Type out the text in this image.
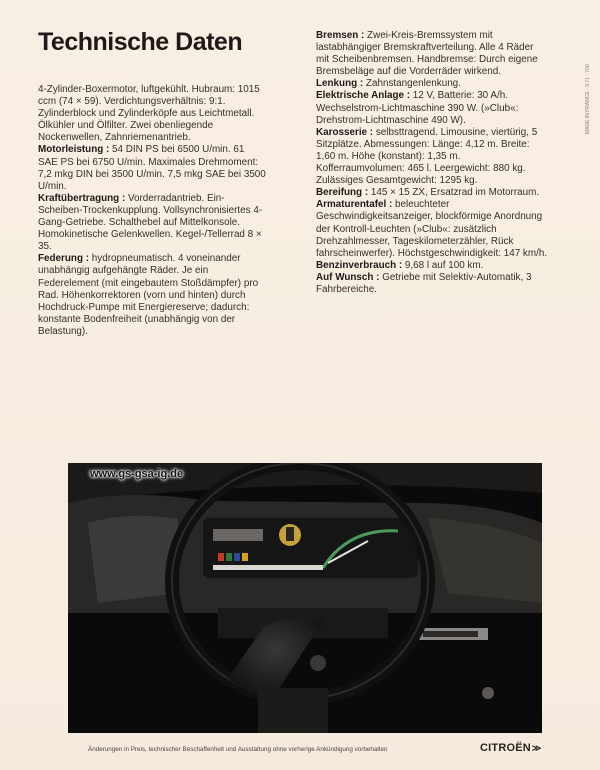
Technische Daten

4-Zylinder-Boxermotor, luftgekühlt. Hubraum: 1015 ccm (74 × 59). Verdichtungsverhältnis: 9:1. Zylinderblock und Zylinderköpfe aus Leichtmetall. Ölkühler und Ölfilter. Zwei obenliegende Nockenwellen, Zahnriemenantrieb.

Motorleistung : 54 DIN PS bei 6500 U/min. 61 SAE PS bei 6750 U/min. Maximales Drehmoment: 7,2 mkg DIN bei 3500 U/min. 7,5 mkg SAE bei 3500 U/min.

Kraftübertragung : Vorderradantrieb. Ein-Scheiben-Trockenkupplung. Vollsynchronisiertes 4-Gang-Getriebe. Schalthebel auf Mittelkonsole. Homokinetische Gelenkwellen. Kegel-/Tellerrad 8 × 35.

Federung : hydropneumatisch. 4 voneinander unabhängig aufgehängte Räder. Je ein Federelement (mit eingebautem Stoßdämpfer) pro Rad. Höhenkorrektoren (vorn und hinten) durch Hochdruck-Pumpe mit Energiereserve; dadurch: konstante Bodenfreiheit (unabhängig von der Belastung).

Bremsen : Zwei-Kreis-Bremssystem mit lastabhängiger Bremskraftverteilung. Alle 4 Räder mit Scheibenbremsen. Handbremse: Durch eigene Bremsbeläge auf die Vorderräder wirkend.

Lenkung : Zahnstangenlenkung.

Elektrische Anlage : 12 V, Batterie: 30 A/h. Wechselstrom-Lichtmaschine 390 W. (»Club«: Drehstrom-Lichtmaschine 490 W).

Karosserie : selbsttragend. Limousine, viertürig, 5 Sitzplätze. Abmessungen: Länge: 4,12 m. Breite: 1,60 m. Höhe (konstant): 1,35 m. Kofferraumvolumen: 465 l. Leergewicht: 880 kg. Zulässiges Gesamtgewicht: 1295 kg.

Bereifung : 145 × 15 ZX, Ersatzrad im Motorraum.

Armaturentafel : beleuchteter Geschwindigkeitsanzeiger, blockförmige Anordnung der Kontroll-Leuchten (»Club«: zusätzlich Drehzahlmesser, Tageskilometerzähler, Rück fahrscheinwerfer). Höchstgeschwindigkeit: 147 km/h.

Benzinverbrauch : 9,68 l auf 100 km.

Auf Wunsch : Getriebe mit Selektiv-Automatik, 3 Fahrbereiche.

MADE IN FRANCE · 9.71 · 700
www.gs-gsa-ig.de
Änderungen in Preis, technischer Beschaffenheit und Ausstattung ohne vorherige Ankündigung vorbehalten	CITROËN≫
